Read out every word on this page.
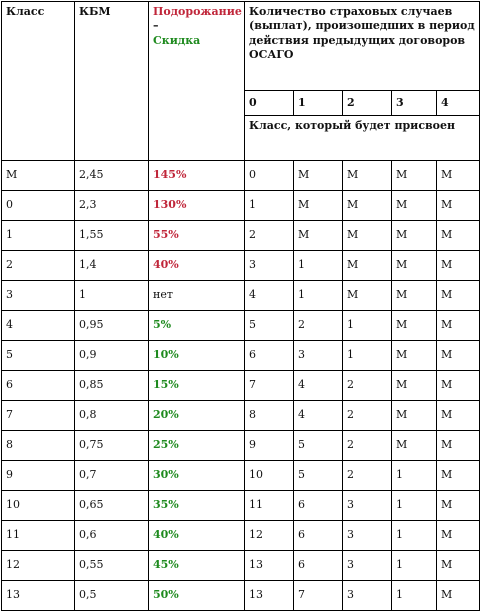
Класс	КБМ	Подорожание
–
Скидка	Количество страховых случаев (выплат), произошедших в период действия предыдущих договоров ОСАГО				
			0	1	2	3	4
			Класс, который будет присвоен				
М	2,45	145%	0	М	М	М	М
0	2,3	130%	1	М	М	М	М
1	1,55	55%	2	М	М	М	М
2	1,4	40%	3	1	М	М	М
3	1	нет	4	1	М	М	М
4	0,95	5%	5	2	1	М	М
5	0,9	10%	6	3	1	М	М
6	0,85	15%	7	4	2	М	М
7	0,8	20%	8	4	2	М	М
8	0,75	25%	9	5	2	М	М
9	0,7	30%	10	5	2	1	М
10	0,65	35%	11	6	3	1	М
11	0,6	40%	12	6	3	1	М
12	0,55	45%	13	6	3	1	М
13	0,5	50%	13	7	3	1	М
